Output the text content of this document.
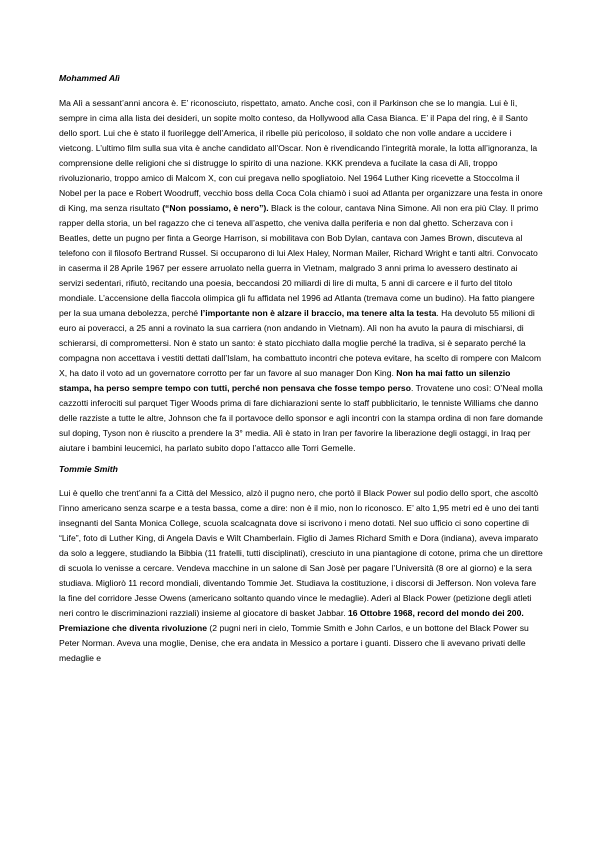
Mohammed Alì

Ma Alì a sessant’anni ancora è. E’ riconosciuto, rispettato, amato. Anche così, con il Parkinson che se lo mangia. Lui è lì, sempre in cima alla lista dei desideri, un sopite molto conteso, da Hollywood alla Casa Bianca. E’ il Papa del ring, è il Santo dello sport. Lui che è stato il fuorilegge dell’America, il ribelle più pericoloso, il soldato che non volle andare a uccidere i vietcong. L’ultimo film sulla sua vita è anche candidato all’Oscar. Non è rivendicando l’integrità morale, la lotta all’ignoranza, la comprensione delle religioni che si distrugge lo spirito di una nazione. KKK prendeva a fucilate la casa di Alì, troppo rivoluzionario, troppo amico di Malcom X, con cui pregava nello spogliatoio. Nel 1964 Luther King ricevette a Stoccolma il Nobel per la pace e Robert Woodruff, vecchio boss della Coca Cola chiamò i suoi ad Atlanta per organizzare una festa in onore di King, ma senza risultato (“Non possiamo, è nero”). Black is the colour, cantava Nina Simone. Alì non era più Clay. Il primo rapper della storia, un bel ragazzo che ci teneva all’aspetto, che veniva dalla periferia e non dal ghetto. Scherzava con i Beatles, dette un pugno per finta a George Harrison, si mobilitava con Bob Dylan, cantava con James Brown, discuteva al telefono con il filosofo Bertrand Russel. Si occuparono di lui Alex Haley, Norman Mailer, Richard Wright e tanti altri. Convocato in caserma il 28 Aprile 1967 per essere arruolato nella guerra in Vietnam, malgrado 3 anni prima lo avessero destinato ai servizi sedentari, rifiutò, recitando una poesia, beccandosi 20 miliardi di lire di multa, 5 anni di carcere e il furto del titolo mondiale. L’accensione della fiaccola olimpica gli fu affidata nel 1996 ad Atlanta (tremava come un budino). Ha fatto piangere per la sua umana debolezza, perché l’importante non è alzare il braccio, ma tenere alta la testa. Ha devoluto 55 milioni di euro ai poveracci, a 25 anni a rovinato la sua carriera (non andando in Vietnam). Alì non ha avuto la paura di mischiarsi, di schierarsi, di compromettersi. Non è stato un santo: è stato picchiato dalla moglie perché la tradiva, si è separato perché la compagna non accettava i vestiti dettati dall’Islam, ha combattuto incontri che poteva evitare, ha scelto di rompere con Malcom X, ha dato il voto ad un governatore corrotto per far un favore al suo manager Don King. Non ha mai fatto un silenzio stampa, ha perso sempre tempo con tutti, perché non pensava che fosse tempo perso. Trovatene uno così: O’Neal molla cazzotti inferociti sul parquet Tiger Woods prima di fare dichiarazioni sente lo staff pubblicitario, le tenniste Williams che danno delle razziste a tutte le altre, Johnson che fa il portavoce dello sponsor e agli incontri con la stampa ordina di non fare domande sul doping, Tyson non è riuscito a prendere la 3° media. Alì è stato in Iran per favorire la liberazione degli ostaggi, in Iraq per aiutare i bambini leucemici, ha parlato subito dopo l’attacco alle Torri Gemelle.

Tommie Smith

Lui è quello che trent’anni fa a Città del Messico, alzò il pugno nero, che portò il Black Power sul podio dello sport, che ascoltò l’inno americano senza scarpe e a testa bassa, come a dire: non è il mio, non lo riconosco. E’ alto 1,95 metri ed è uno dei tanti insegnanti del Santa Monica College, scuola scalcagnata dove si iscrivono i meno dotati. Nel suo ufficio ci sono copertine di “Life”, foto di Luther King, di Angela Davis e Wilt Chamberlain. Figlio di James Richard Smith e Dora (indiana), aveva imparato da solo a leggere, studiando la Bibbia (11 fratelli, tutti disciplinati), cresciuto in una piantagione di cotone, prima che un direttore di scuola lo venisse a cercare. Vendeva macchine in un salone di San Josè per pagare l’Università (8 ore al giorno) e la sera studiava. Migliorò 11 record mondiali, diventando Tommie Jet. Studiava la costituzione, i discorsi di Jefferson. Non voleva fare la fine del corridore Jesse Owens (americano soltanto quando vince le medaglie). Aderì al Black Power (petizione degli atleti neri contro le discriminazioni razziali) insieme al giocatore di basket Jabbar. 16 Ottobre 1968, record del mondo dei 200. Premiazione che diventa rivoluzione (2 pugni neri in cielo, Tommie Smith e John Carlos, e un bottone del Black Power su Peter Norman. Aveva una moglie, Denise, che era andata in Messico a portare i guanti. Dissero che li avevano privati delle medaglie e
